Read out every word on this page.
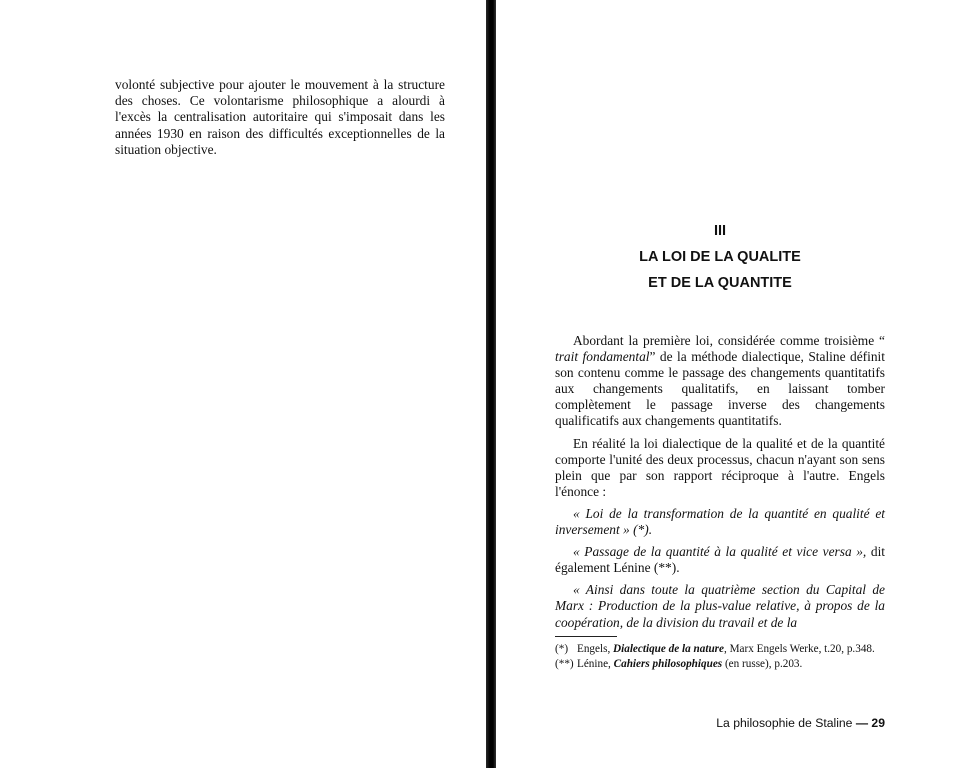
volonté subjective pour ajouter le mouvement à la structure des choses. Ce volontarisme philosophique a alourdi à l'excès la centralisation autoritaire qui s'imposait dans les années 1930 en raison des difficultés exceptionnelles de la situation objective.

III
LA LOI DE LA QUALITE
ET DE LA QUANTITE

Abordant la première loi, considérée comme troisième “ trait fondamental” de la méthode dialectique, Staline définit son contenu comme le passage des changements quantitatifs aux changements qualitatifs, en laissant tomber complètement le passage inverse des changements qualificatifs aux changements quantitatifs.

En réalité la loi dialectique de la qualité et de la quantité comporte l'unité des deux processus, chacun n'ayant son sens plein que par son rapport réciproque à l'autre. Engels l'énonce :

« Loi de la transformation de la quantité en qualité et inversement » (*).

« Passage de la quantité à la qualité et vice versa », dit également Lénine (**).

« Ainsi dans toute la quatrième section du Capital de Marx : Production de la plus-value relative, à propos de la coopération, de la division du travail et de la

(*) Engels, Dialectique de la nature, Marx Engels Werke, t.20, p.348.
(**) Lénine, Cahiers philosophiques (en russe), p.203.
La philosophie de Staline — 29
